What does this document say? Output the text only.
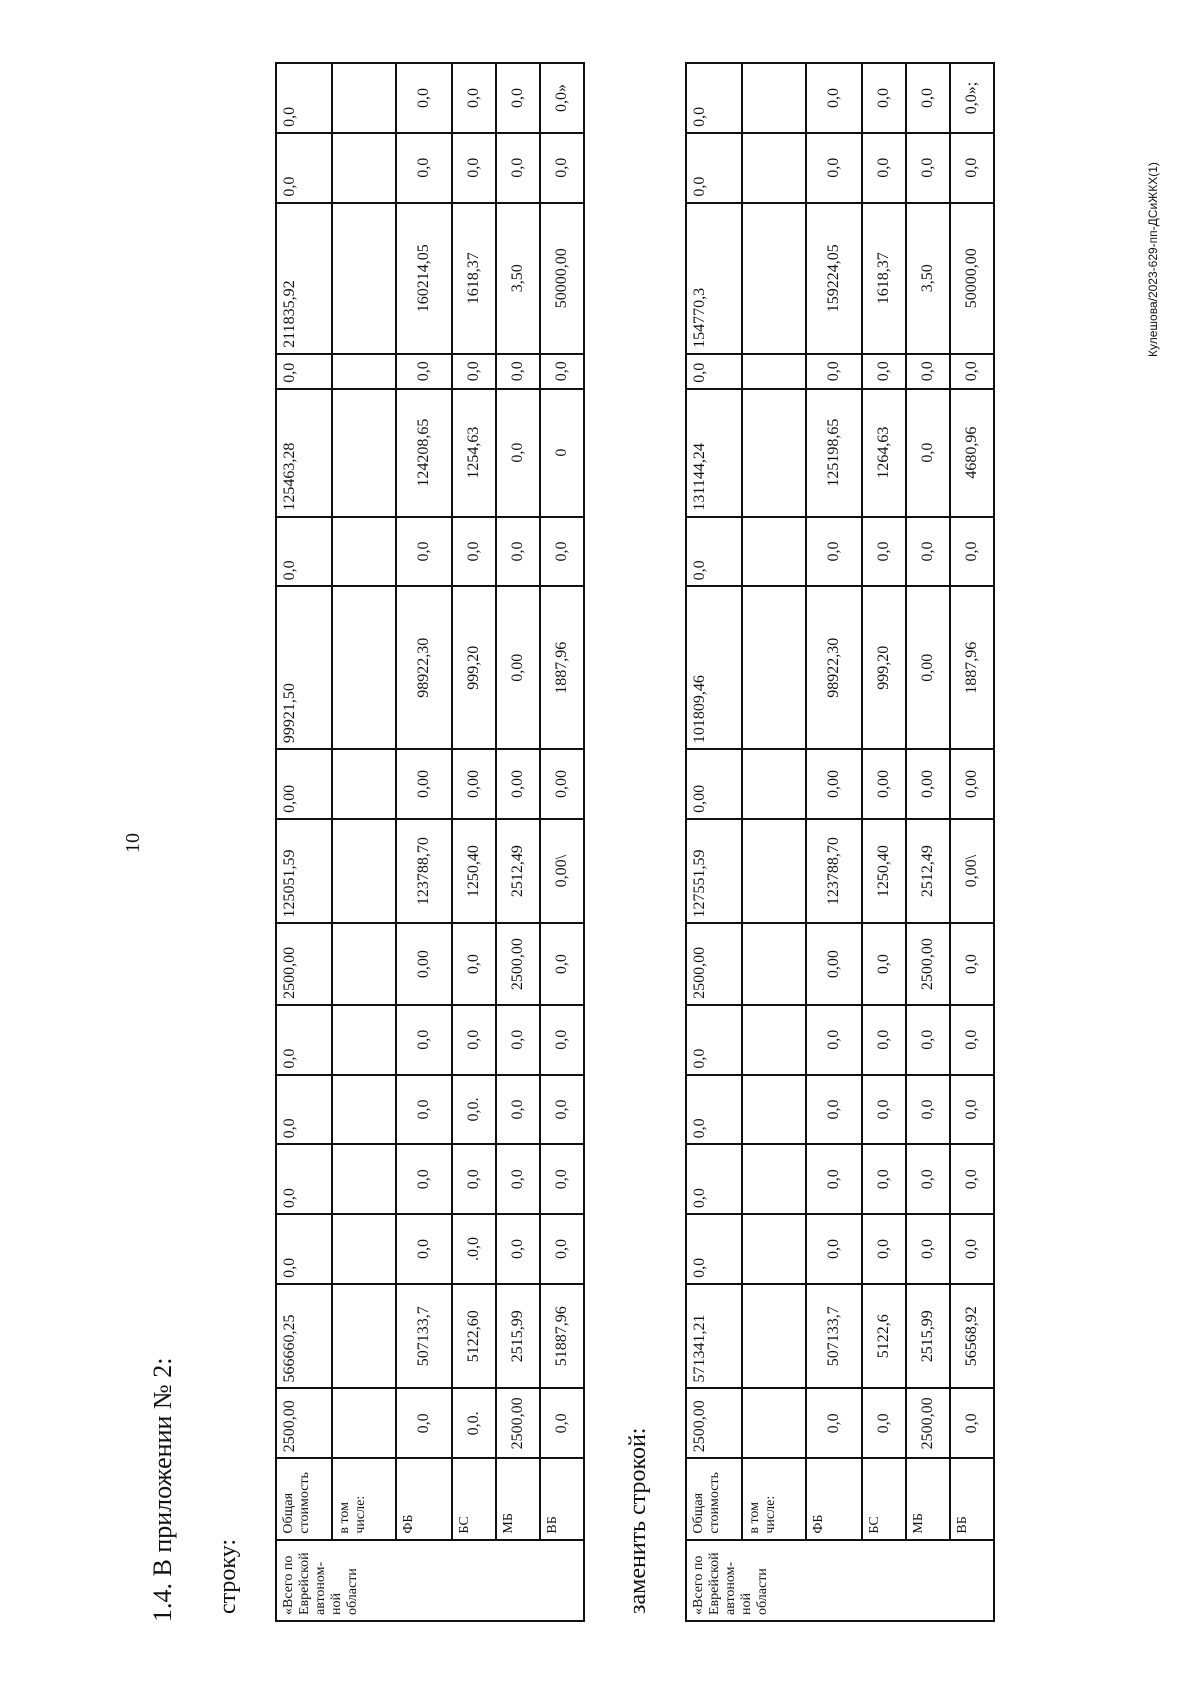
10
1.4. В приложении № 2: строку:	«Всего по Еврейской автоном-ной области	Общая стоимость	2500,00	566660,25	0,0	0,0	0,0	0,0	2500,00	125051,59	0,00	99921,50	0,0	125463,28	0,0	211835,92	0,0	0,0
	в том числе:																
	ФБ	0,0	507133,7	0,0	0,0	0,0	0,0	0,00	123788,70	0,00	98922,30	0,0	124208,65	0,0	160214,05	0,0	0,0
	БС	0,0.	5122,60	.0,0	0,0	0,0.	0,0	0,0	1250,40	0,00	999,20	0,0	1254,63	0,0	1618,37	0,0	0,0
	МБ	2500,00	2515,99	0,0	0,0	0,0	0,0	2500,00	2512,49	0,00	0,00	0,0	0,0	0,0	3,50	0,0	0,0
	ВБ	0,0	51887,96	0,0	0,0	0,0	0,0	0,0	0,00\	0,00	1887,96	0,0	0	0,0	50000,00	0,0	0,0»
заменить строкой:	«Всего по Еврейской автоном-ной области	Общая стоимость	2500,00	571341,21	0,0	0,0	0,0	0,0	2500,00	127551,59	0,00	101809,46	0,0	131144,24	0,0	154770,3	0,0	0,0
	в том числе:																
	ФБ	0,0	507133,7	0,0	0,0	0,0	0,0	0,00	123788,70	0,00	98922,30	0,0	125198,65	0,0	159224,05	0,0	0,0
	БС	0,0	5122,6	0,0	0,0	0,0	0,0	0,0	1250,40	0,00	999,20	0,0	1264,63	0,0	1618,37	0,0	0,0
	МБ	2500,00	2515,99	0,0	0,0	0,0	0,0	2500,00	2512,49	0,00	0,00	0,0	0,0	0,0	3,50	0,0	0,0
	ВБ	0,0	56568,92	0,0	0,0	0,0	0,0	0,0	0,00\	0,00	1887,96	0,0	4680,96	0,0	50000,00	0,0	0,0»;
Кулешова/2023-629-пп-ДСиЖКХ(1)
